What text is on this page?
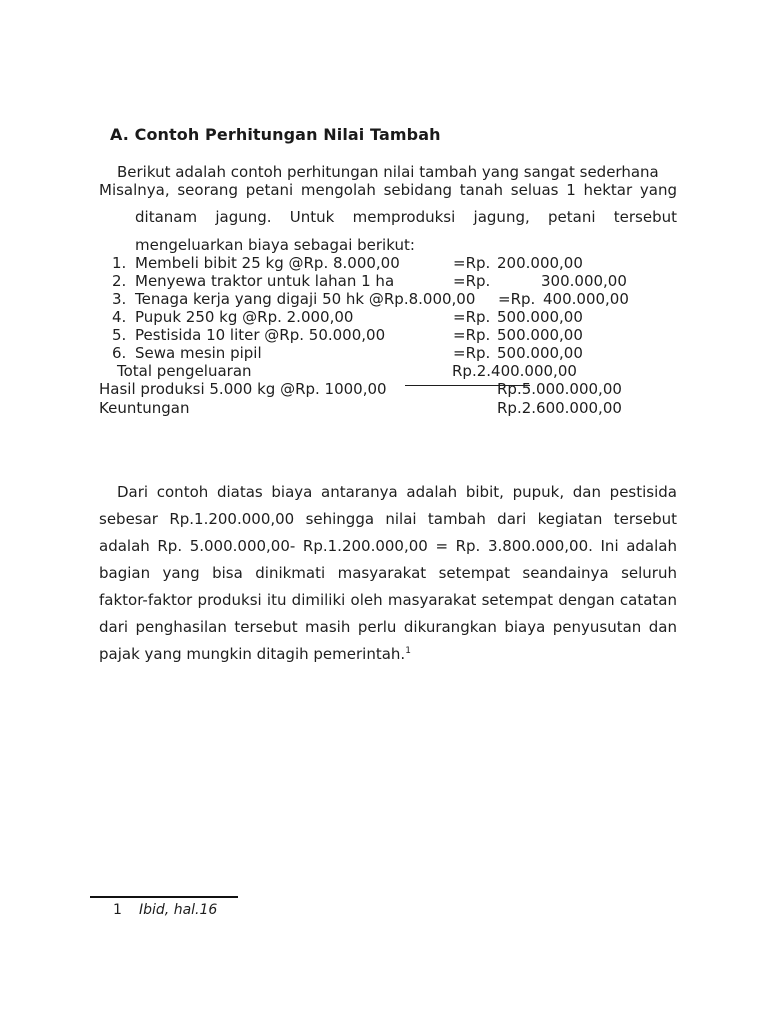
A. Contoh Perhitungan Nilai Tambah
Berikut adalah contoh perhitungan nilai tambah yang sangat sederhana
Misalnya, seorang petani mengolah sebidang tanah seluas 1 hektar yang
ditanam jagung. Untuk memproduksi jagung, petani tersebut
mengeluarkan biaya sebagai berikut:
1. Membeli bibit 25 kg @Rp. 8.000,00	=Rp. 200.000,00
2. Menyewa traktor untuk lahan 1 ha	=Rp.	300.000,00
3. Tenaga kerja yang digaji 50 hk @Rp.8.000,00 =Rp. 400.000,00
4. Pupuk 250 kg @Rp. 2.000,00	=Rp. 500.000,00
5. Pestisida 10 liter @Rp. 50.000,00	=Rp. 500.000,00
6. Sewa mesin pipil	=Rp. 500.000,00
Total pengeluaran	Rp.2.400.000,00
Hasil produksi 5.000 kg @Rp. 1000,00	Rp.5.000.000,00
Keuntungan	Rp.2.600.000,00
Dari contoh diatas biaya antaranya adalah bibit, pupuk, dan pestisida
sebesar Rp.1.200.000,00 sehingga nilai tambah dari kegiatan tersebut
adalah Rp. 5.000.000,00- Rp.1.200.000,00 = Rp. 3.800.000,00. Ini adalah
bagian yang bisa dinikmati masyarakat setempat seandainya seluruh
faktor-faktor produksi itu dimiliki oleh masyarakat setempat dengan catatan
dari penghasilan tersebut masih perlu dikurangkan biaya penyusutan dan
pajak yang mungkin ditagih pemerintah.$^1$
1 Ibid, hal.16
